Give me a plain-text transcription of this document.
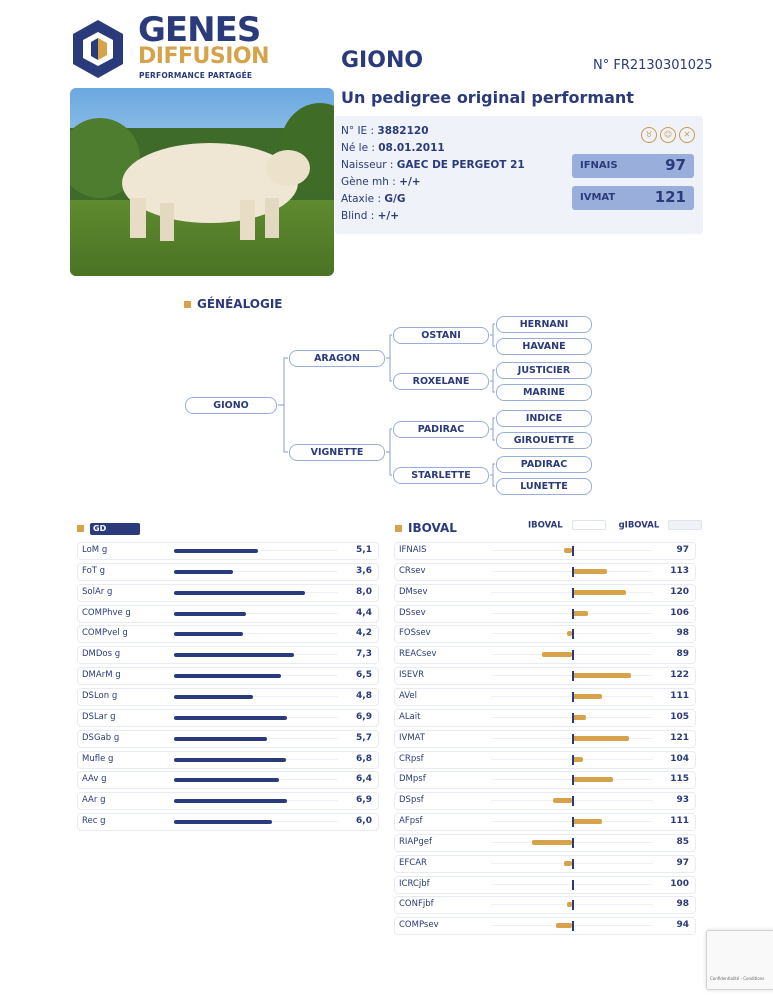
GENES
DIFFUSION
PERFORMANCE PARTAGÉE
GIONO	N° FR2130301025
Un pedigree original performant
N° IE : 3882120
Né le : 08.01.2011
Naisseur : GAEC DE PERGEOT 21
Gène mh : +/+
Ataxie : G/G
Blind : +/+
♉	☺	✕
IFNAIS	97
IVMAT	121
GÉNÉALOGIE
GIONO
ARAGON
VIGNETTE
OSTANI
ROXELANE
PADIRAC
STARLETTE
HERNANI
HAVANE
JUSTICIER
MARINE
INDICE
GIROUETTE
PADIRAC
LUNETTE
GD
LoM g	5,1
FoT g	3,6
SolAr g	8,0
COMPhve g	4,4
COMPvel g	4,2
DMDos g	7,3
DMArM g	6,5
DSLon g	4,8
DSLar g	6,9
DSGab g	5,7
Mufle g	6,8
AAv g	6,4
AAr g	6,9
Rec g	6,0
IBOVAL	IBOVAL	gIBOVAL
IFNAIS	97
CRsev	113
DMsev	120
DSsev	106
FOSsev	98
REACsev	89
ISEVR	122
AVel	111
ALait	105
IVMAT	121
CRpsf	104
DMpsf	115
DSpsf	93
AFpsf	111
RIAPgef	85
EFCAR	97
ICRCjbf	100
CONFjbf	98
COMPsev	94
Confidentialité - Conditions
